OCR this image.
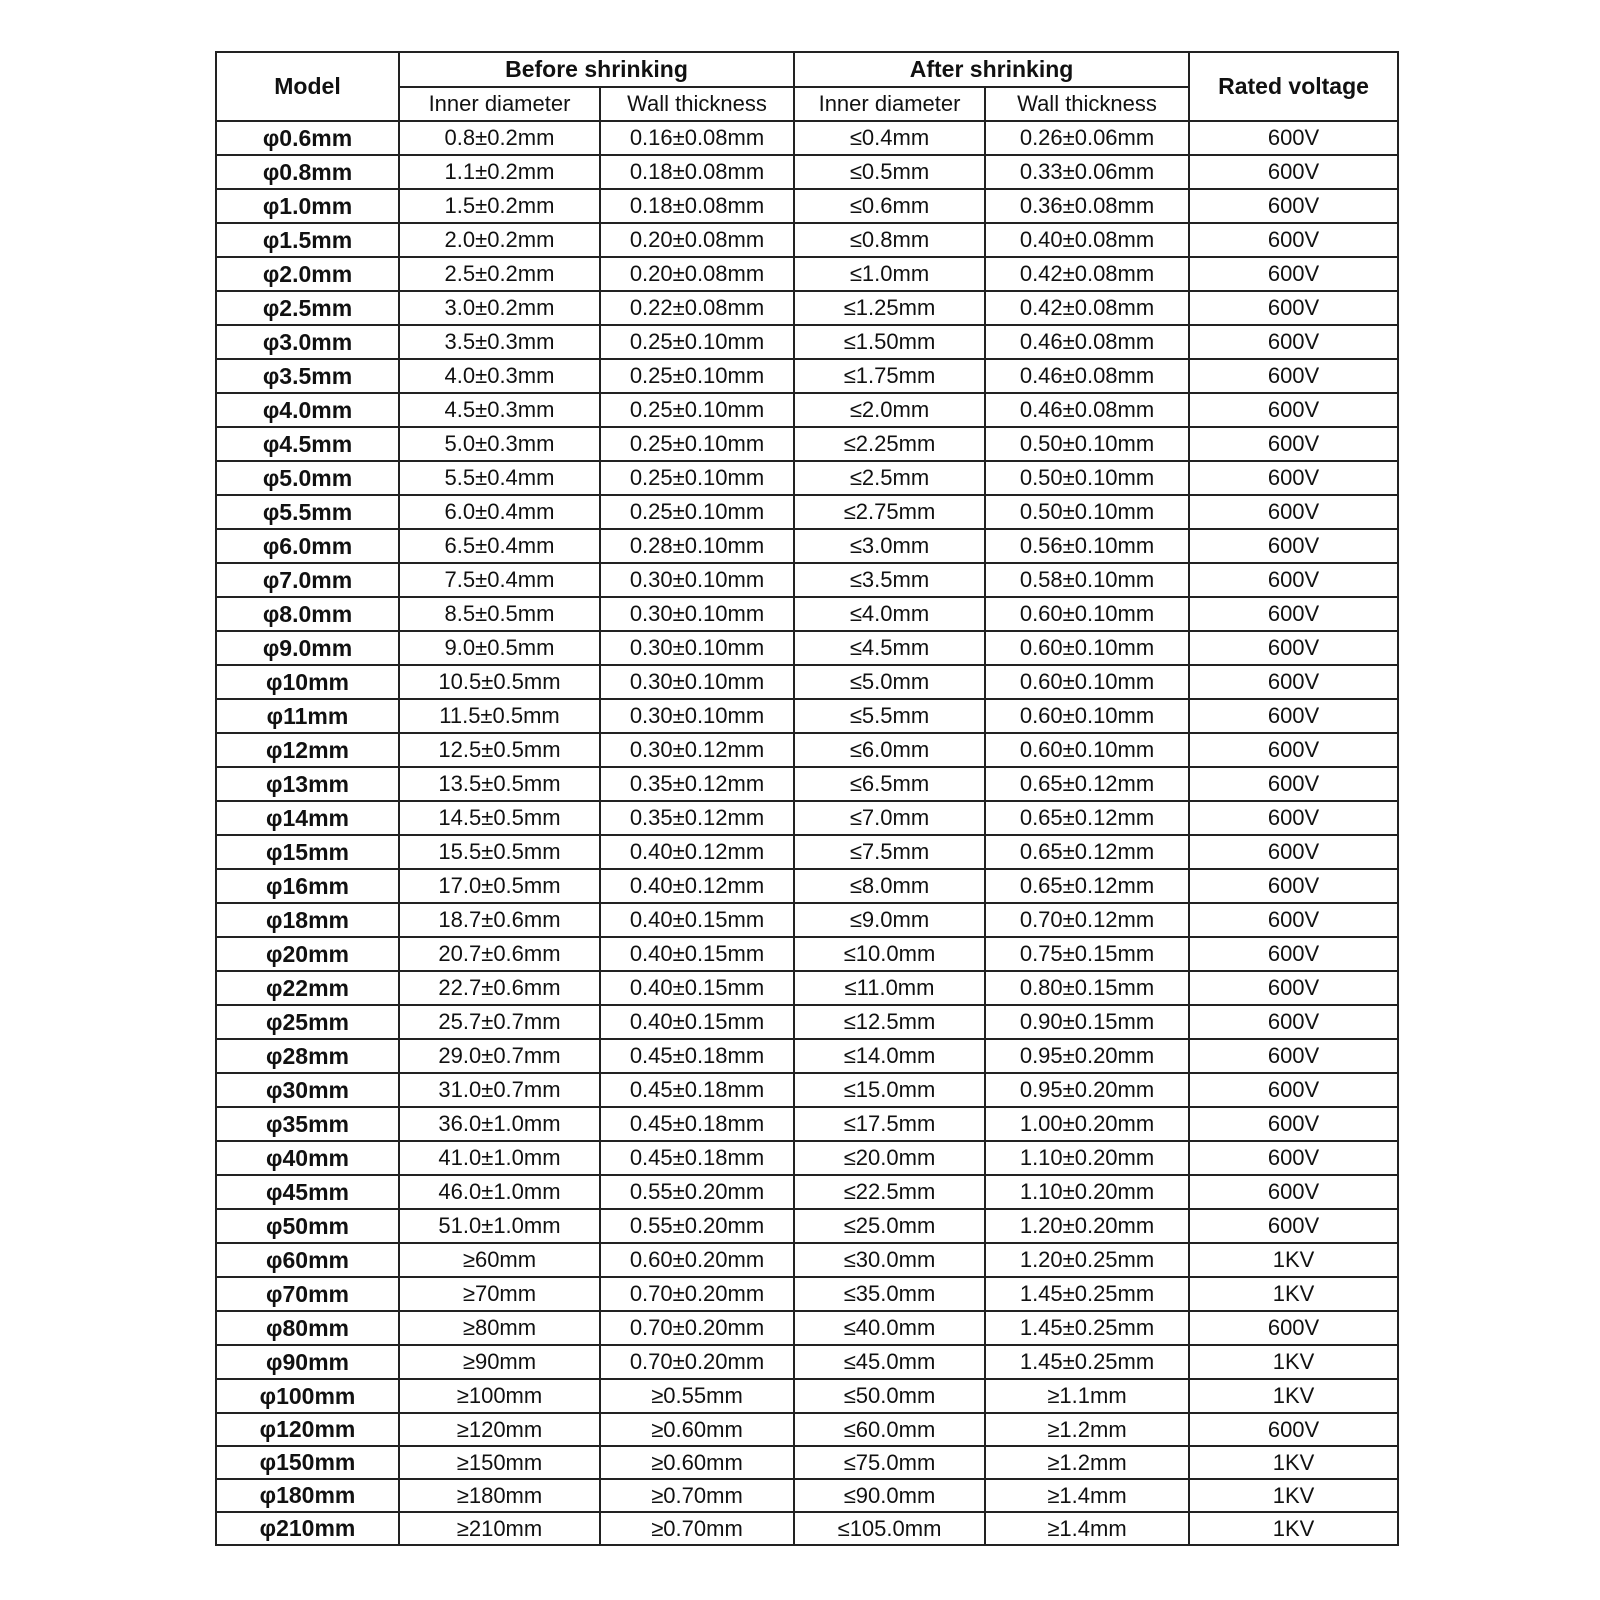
Model	Before shrinking		After shrinking		Rated voltage
	Inner diameter	Wall thickness	Inner diameter	Wall thickness	
φ0.6mm	0.8±0.2mm	0.16±0.08mm	≤0.4mm	0.26±0.06mm	600V
φ0.8mm	1.1±0.2mm	0.18±0.08mm	≤0.5mm	0.33±0.06mm	600V
φ1.0mm	1.5±0.2mm	0.18±0.08mm	≤0.6mm	0.36±0.08mm	600V
φ1.5mm	2.0±0.2mm	0.20±0.08mm	≤0.8mm	0.40±0.08mm	600V
φ2.0mm	2.5±0.2mm	0.20±0.08mm	≤1.0mm	0.42±0.08mm	600V
φ2.5mm	3.0±0.2mm	0.22±0.08mm	≤1.25mm	0.42±0.08mm	600V
φ3.0mm	3.5±0.3mm	0.25±0.10mm	≤1.50mm	0.46±0.08mm	600V
φ3.5mm	4.0±0.3mm	0.25±0.10mm	≤1.75mm	0.46±0.08mm	600V
φ4.0mm	4.5±0.3mm	0.25±0.10mm	≤2.0mm	0.46±0.08mm	600V
φ4.5mm	5.0±0.3mm	0.25±0.10mm	≤2.25mm	0.50±0.10mm	600V
φ5.0mm	5.5±0.4mm	0.25±0.10mm	≤2.5mm	0.50±0.10mm	600V
φ5.5mm	6.0±0.4mm	0.25±0.10mm	≤2.75mm	0.50±0.10mm	600V
φ6.0mm	6.5±0.4mm	0.28±0.10mm	≤3.0mm	0.56±0.10mm	600V
φ7.0mm	7.5±0.4mm	0.30±0.10mm	≤3.5mm	0.58±0.10mm	600V
φ8.0mm	8.5±0.5mm	0.30±0.10mm	≤4.0mm	0.60±0.10mm	600V
φ9.0mm	9.0±0.5mm	0.30±0.10mm	≤4.5mm	0.60±0.10mm	600V
φ10mm	10.5±0.5mm	0.30±0.10mm	≤5.0mm	0.60±0.10mm	600V
φ11mm	11.5±0.5mm	0.30±0.10mm	≤5.5mm	0.60±0.10mm	600V
φ12mm	12.5±0.5mm	0.30±0.12mm	≤6.0mm	0.60±0.10mm	600V
φ13mm	13.5±0.5mm	0.35±0.12mm	≤6.5mm	0.65±0.12mm	600V
φ14mm	14.5±0.5mm	0.35±0.12mm	≤7.0mm	0.65±0.12mm	600V
φ15mm	15.5±0.5mm	0.40±0.12mm	≤7.5mm	0.65±0.12mm	600V
φ16mm	17.0±0.5mm	0.40±0.12mm	≤8.0mm	0.65±0.12mm	600V
φ18mm	18.7±0.6mm	0.40±0.15mm	≤9.0mm	0.70±0.12mm	600V
φ20mm	20.7±0.6mm	0.40±0.15mm	≤10.0mm	0.75±0.15mm	600V
φ22mm	22.7±0.6mm	0.40±0.15mm	≤11.0mm	0.80±0.15mm	600V
φ25mm	25.7±0.7mm	0.40±0.15mm	≤12.5mm	0.90±0.15mm	600V
φ28mm	29.0±0.7mm	0.45±0.18mm	≤14.0mm	0.95±0.20mm	600V
φ30mm	31.0±0.7mm	0.45±0.18mm	≤15.0mm	0.95±0.20mm	600V
φ35mm	36.0±1.0mm	0.45±0.18mm	≤17.5mm	1.00±0.20mm	600V
φ40mm	41.0±1.0mm	0.45±0.18mm	≤20.0mm	1.10±0.20mm	600V
φ45mm	46.0±1.0mm	0.55±0.20mm	≤22.5mm	1.10±0.20mm	600V
φ50mm	51.0±1.0mm	0.55±0.20mm	≤25.0mm	1.20±0.20mm	600V
φ60mm	≥60mm	0.60±0.20mm	≤30.0mm	1.20±0.25mm	1KV
φ70mm	≥70mm	0.70±0.20mm	≤35.0mm	1.45±0.25mm	1KV
φ80mm	≥80mm	0.70±0.20mm	≤40.0mm	1.45±0.25mm	600V
φ90mm	≥90mm	0.70±0.20mm	≤45.0mm	1.45±0.25mm	1KV
φ100mm	≥100mm	≥0.55mm	≤50.0mm	≥1.1mm	1KV
φ120mm	≥120mm	≥0.60mm	≤60.0mm	≥1.2mm	600V
φ150mm	≥150mm	≥0.60mm	≤75.0mm	≥1.2mm	1KV
φ180mm	≥180mm	≥0.70mm	≤90.0mm	≥1.4mm	1KV
φ210mm	≥210mm	≥0.70mm	≤105.0mm	≥1.4mm	1KV
